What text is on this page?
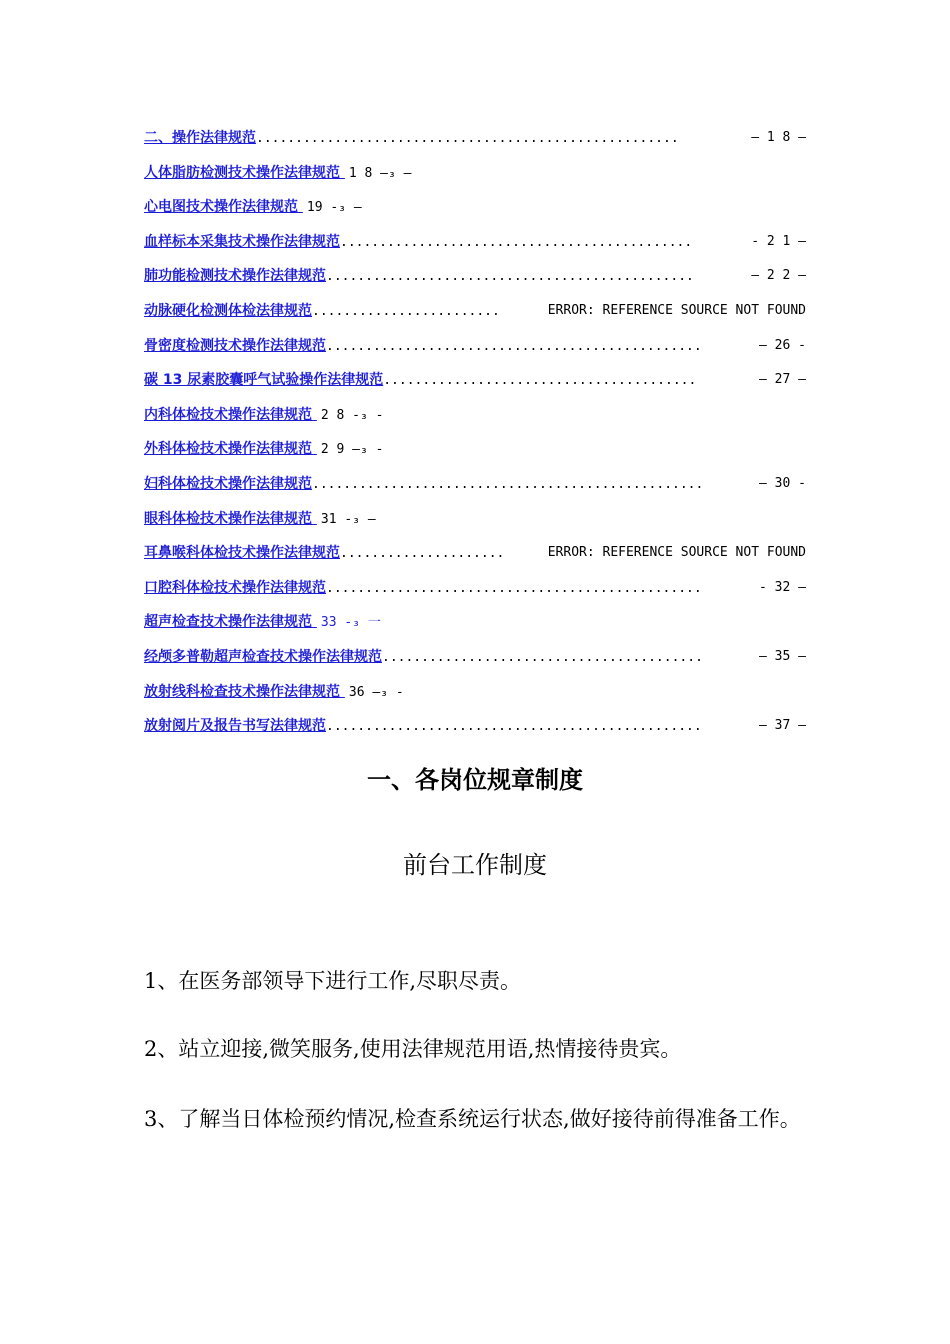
二、操作法律规范......................................................	— 1 8 —
人体脂肪检测技术操作法律规范 1 8 —₃ —
心电图技术操作法律规范 19 -₃ —
血样标本采集技术操作法律规范.............................................	- 2 1 —
肺功能检测技术操作法律规范...............................................	— 2 2 —
动脉硬化检测体检法律规范........................	ERROR: REFERENCE SOURCE NOT FOUND
骨密度检测技术操作法律规范................................................	— 26 -
碳 13 尿素胶囊呼气试验操作法律规范........................................	— 27 —
内科体检技术操作法律规范 2 8 -₃ -
外科体检技术操作法律规范 2 9 —₃ -
妇科体检技术操作法律规范..................................................	— 30 -
眼科体检技术操作法律规范 31 -₃ —
耳鼻喉科体检技术操作法律规范.....................	ERROR: REFERENCE SOURCE NOT FOUND
口腔科体检技术操作法律规范................................................	- 32 —
超声检查技术操作法律规范 33 -₃ 一
经颅多普勒超声检查技术操作法律规范.........................................	— 35 —
放射线科检查技术操作法律规范 36 —₃ -
放射阅片及报告书写法律规范................................................	— 37 —
一、各岗位规章制度
前台工作制度

1、在医务部领导下进行工作,尽职尽责。

2、站立迎接,微笑服务,使用法律规范用语,热情接待贵宾。

3、了解当日体检预约情况,检查系统运行状态,做好接待前得准备工作。
